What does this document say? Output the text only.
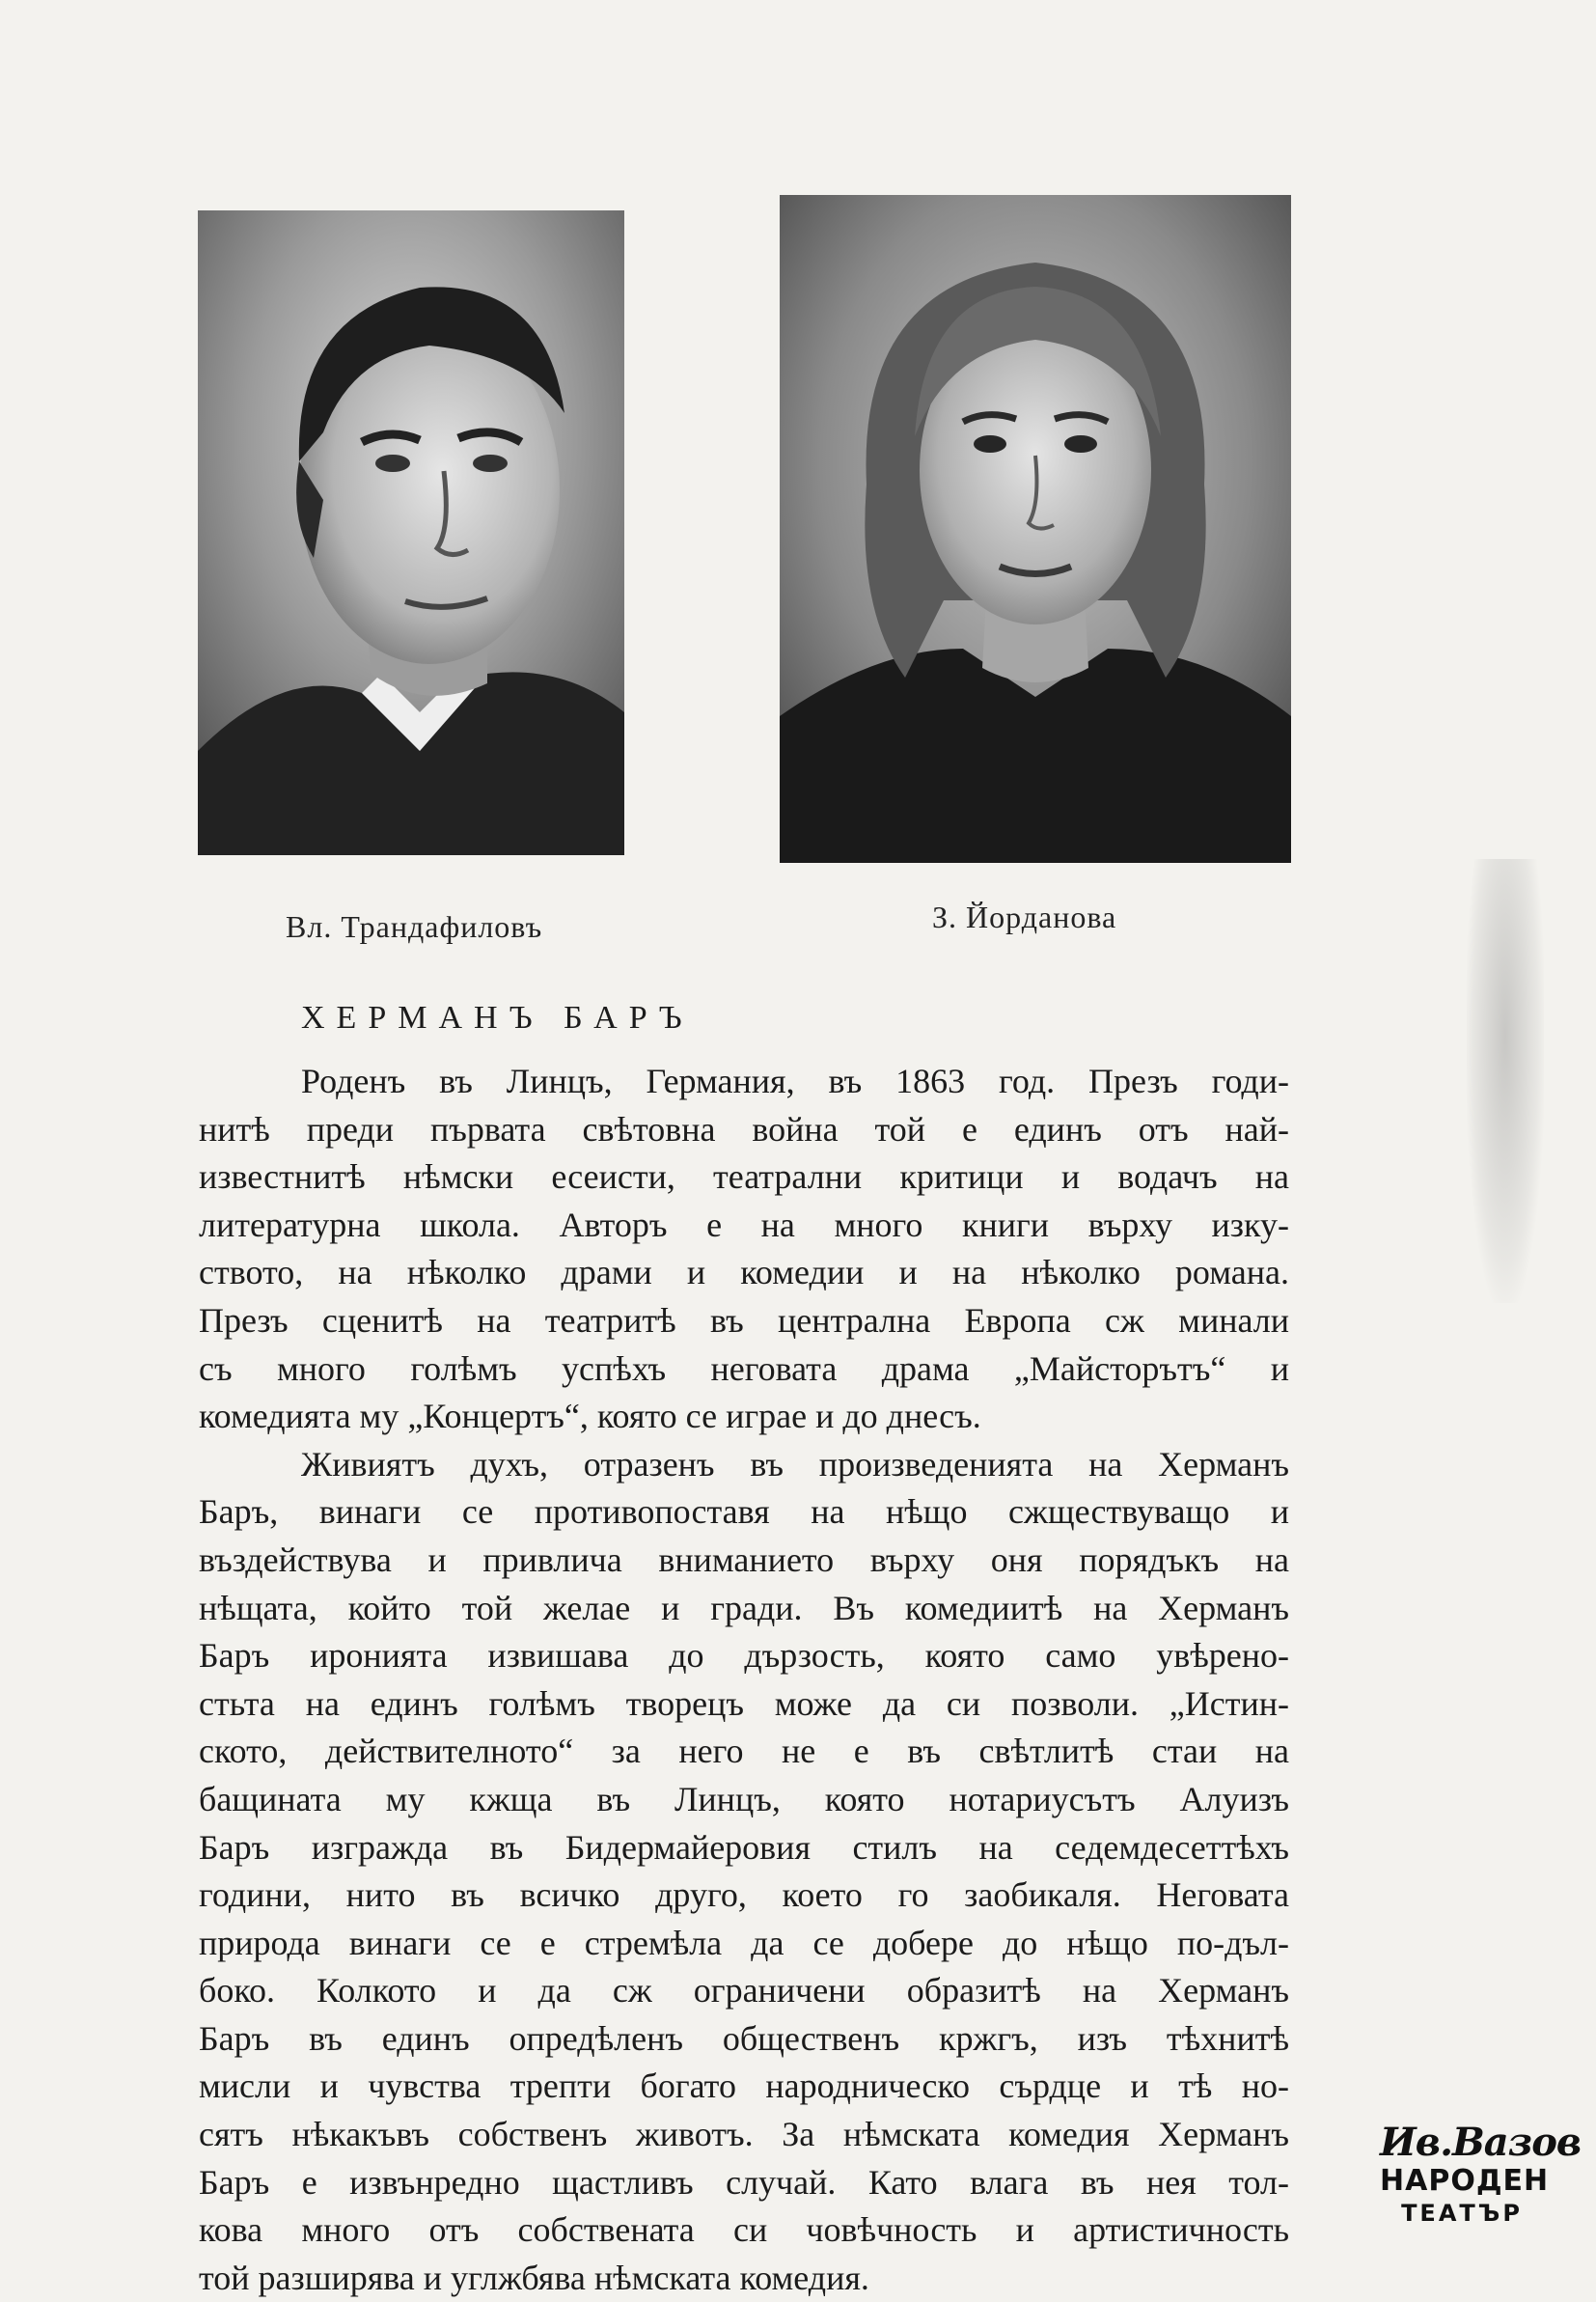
Вл. Трандафиловъ	З. Йорданова
ХЕРМАНЪ БАРЪ
Роденъ въ Линцъ, Германия, въ 1863 год. Презъ годи-
нитѣ преди първата свѣтовна война той е единъ отъ най-
известнитѣ нѣмски есеисти, театрални критици и водачъ на
литературна школа. Авторъ е на много книги върху изку-
ството, на нѣколко драми и комедии и на нѣколко романа.
Презъ сценитѣ на театритѣ въ централна Европа сж минали
съ много голѣмъ успѣхъ неговата драма „Майсторътъ“ и
комедията му „Концертъ“, която се играе и до днесъ.
Живиятъ духъ, отразенъ въ произведенията на Херманъ
Баръ, винаги се противопоставя на нѣщо сжществуващо и
въздействува и привлича вниманието върху оня порядъкъ на
нѣщата, който той желае и гради. Въ комедиитѣ на Херманъ
Баръ иронията извишава до дързость, която само увѣрено-
стьта на единъ голѣмъ творецъ може да си позволи. „Истин-
ското, действителното“ за него не е въ свѣтлитѣ стаи на
бащината му кжща въ Линцъ, която нотариусътъ Алуизъ
Баръ изгражда въ Бидермайеровия стилъ на седемдесеттѣхъ
години, нито въ всичко друго, което го заобикаля. Неговата
природа винаги се е стремѣла да се добере до нѣщо по-дъл-
боко. Колкото и да сж ограничени образитѣ на Херманъ
Баръ въ единъ опредѣленъ общественъ кржгъ, изъ тѣхнитѣ
мисли и чувства трепти богато народническо сърдце и тѣ но-
сятъ нѣкакъвъ собственъ животъ. За нѣмската комедия Херманъ
Баръ е извънредно щастливъ случай. Като влага въ нея тол-
кова много отъ собствената си човѣчность и артистичность
той разширява и углжбява нѣмската комедия.
Ив.Вазов
НАРОДЕН
ТЕАТЪР
